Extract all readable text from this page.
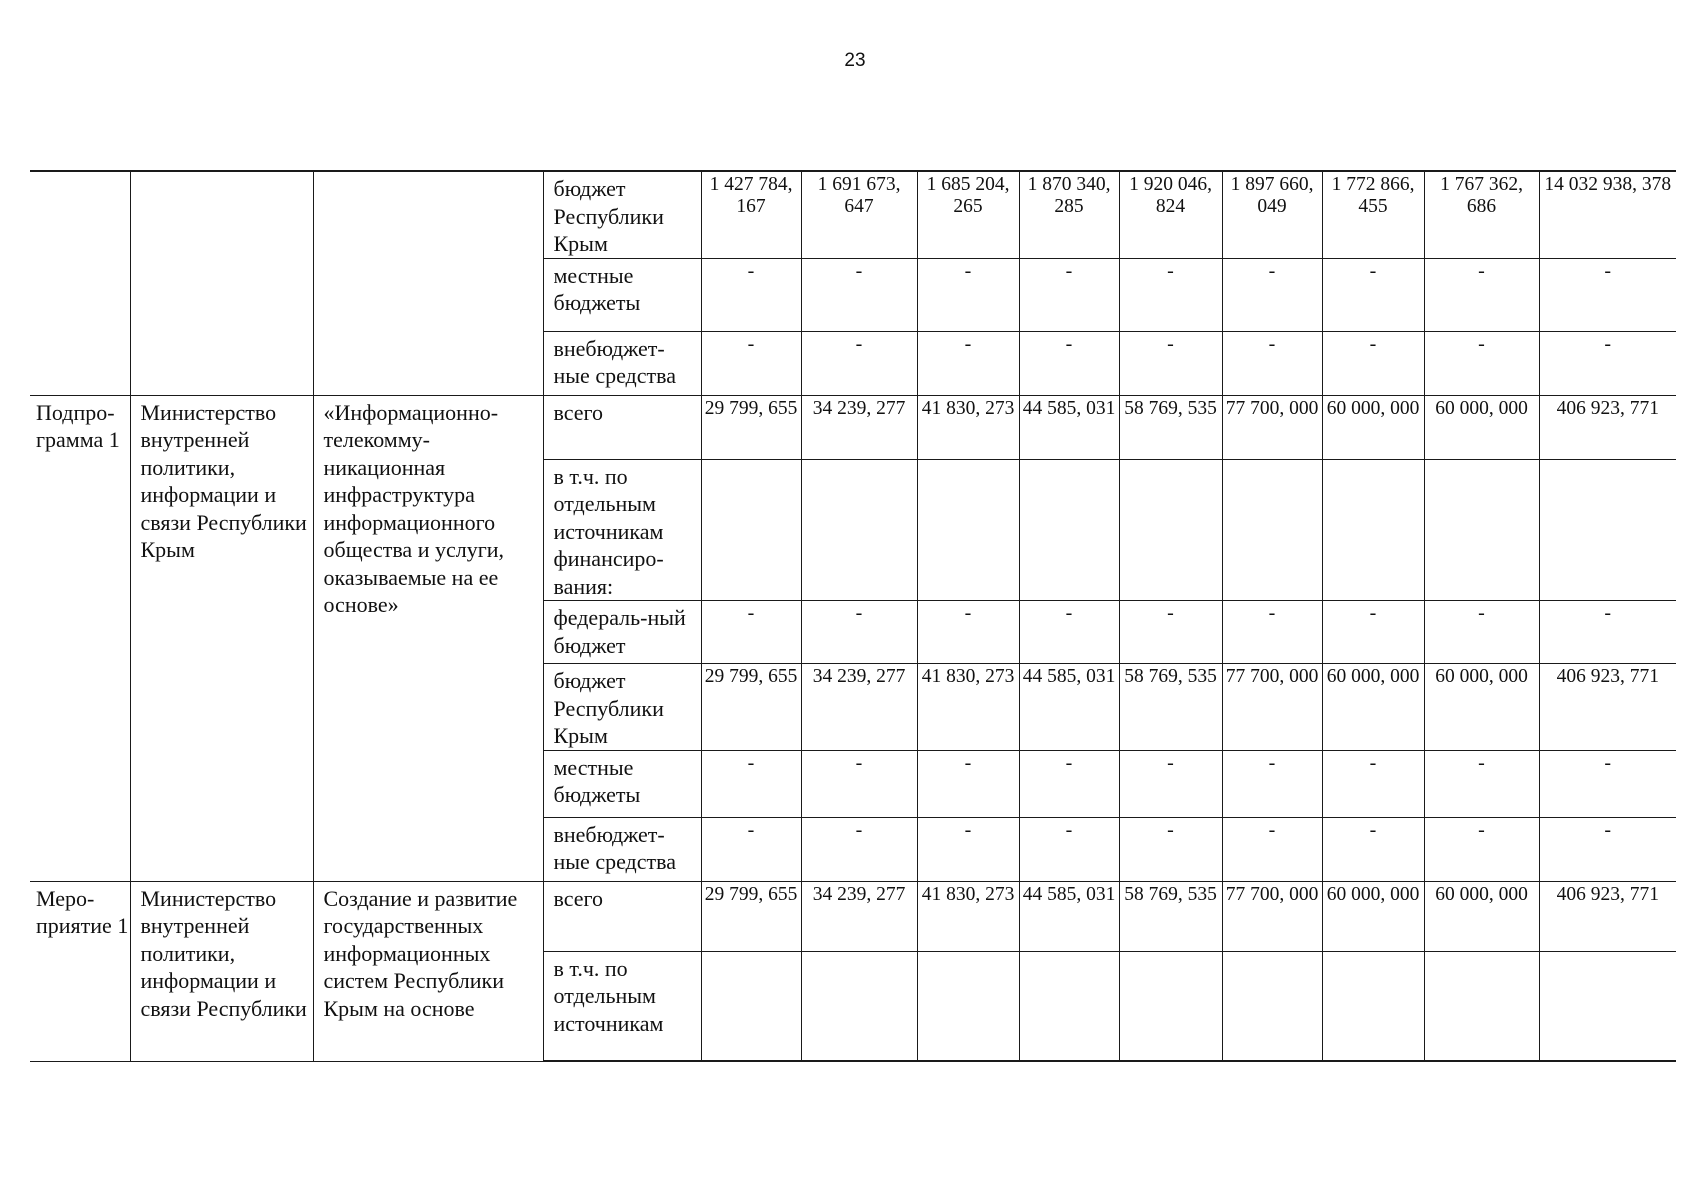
23

			бюджет Республики Крым	1 427 784, 167	1 691 673, 647	1 685 204, 265	1 870 340, 285	1 920 046, 824	1 897 660, 049	1 772 866, 455	1 767 362, 686	14 032 938, 378

			местные бюджеты	-	-	-	-	-	-	-	-	-

			внебюджет-ные средства	-	-	-	-	-	-	-	-	-

Подпро-грамма 1	Министерство внутренней политики, информации и связи Республики Крым	«Информационно-телекомму-никационная инфраструктура информационного общества и услуги, оказываемые на ее основе»	всего	29 799, 655	34 239, 277	41 830, 273	44 585, 031	58 769, 535	77 700, 000	60 000, 000	60 000, 000	406 923, 771

			в т.ч. по отдельным источникам финансиро-вания:									

			федераль-ный бюджет	-	-	-	-	-	-	-	-	-

			бюджет Республики Крым	29 799, 655	34 239, 277	41 830, 273	44 585, 031	58 769, 535	77 700, 000	60 000, 000	60 000, 000	406 923, 771

			местные бюджеты	-	-	-	-	-	-	-	-	-

			внебюджет-ные средства	-	-	-	-	-	-	-	-	-

Меро-приятие 1	Министерство внутренней политики, информации и связи Республики	Создание и развитие государственных информационных систем Республики Крым на основе	всего	29 799, 655	34 239, 277	41 830, 273	44 585, 031	58 769, 535	77 700, 000	60 000, 000	60 000, 000	406 923, 771

			в т.ч. по отдельным источникам									
